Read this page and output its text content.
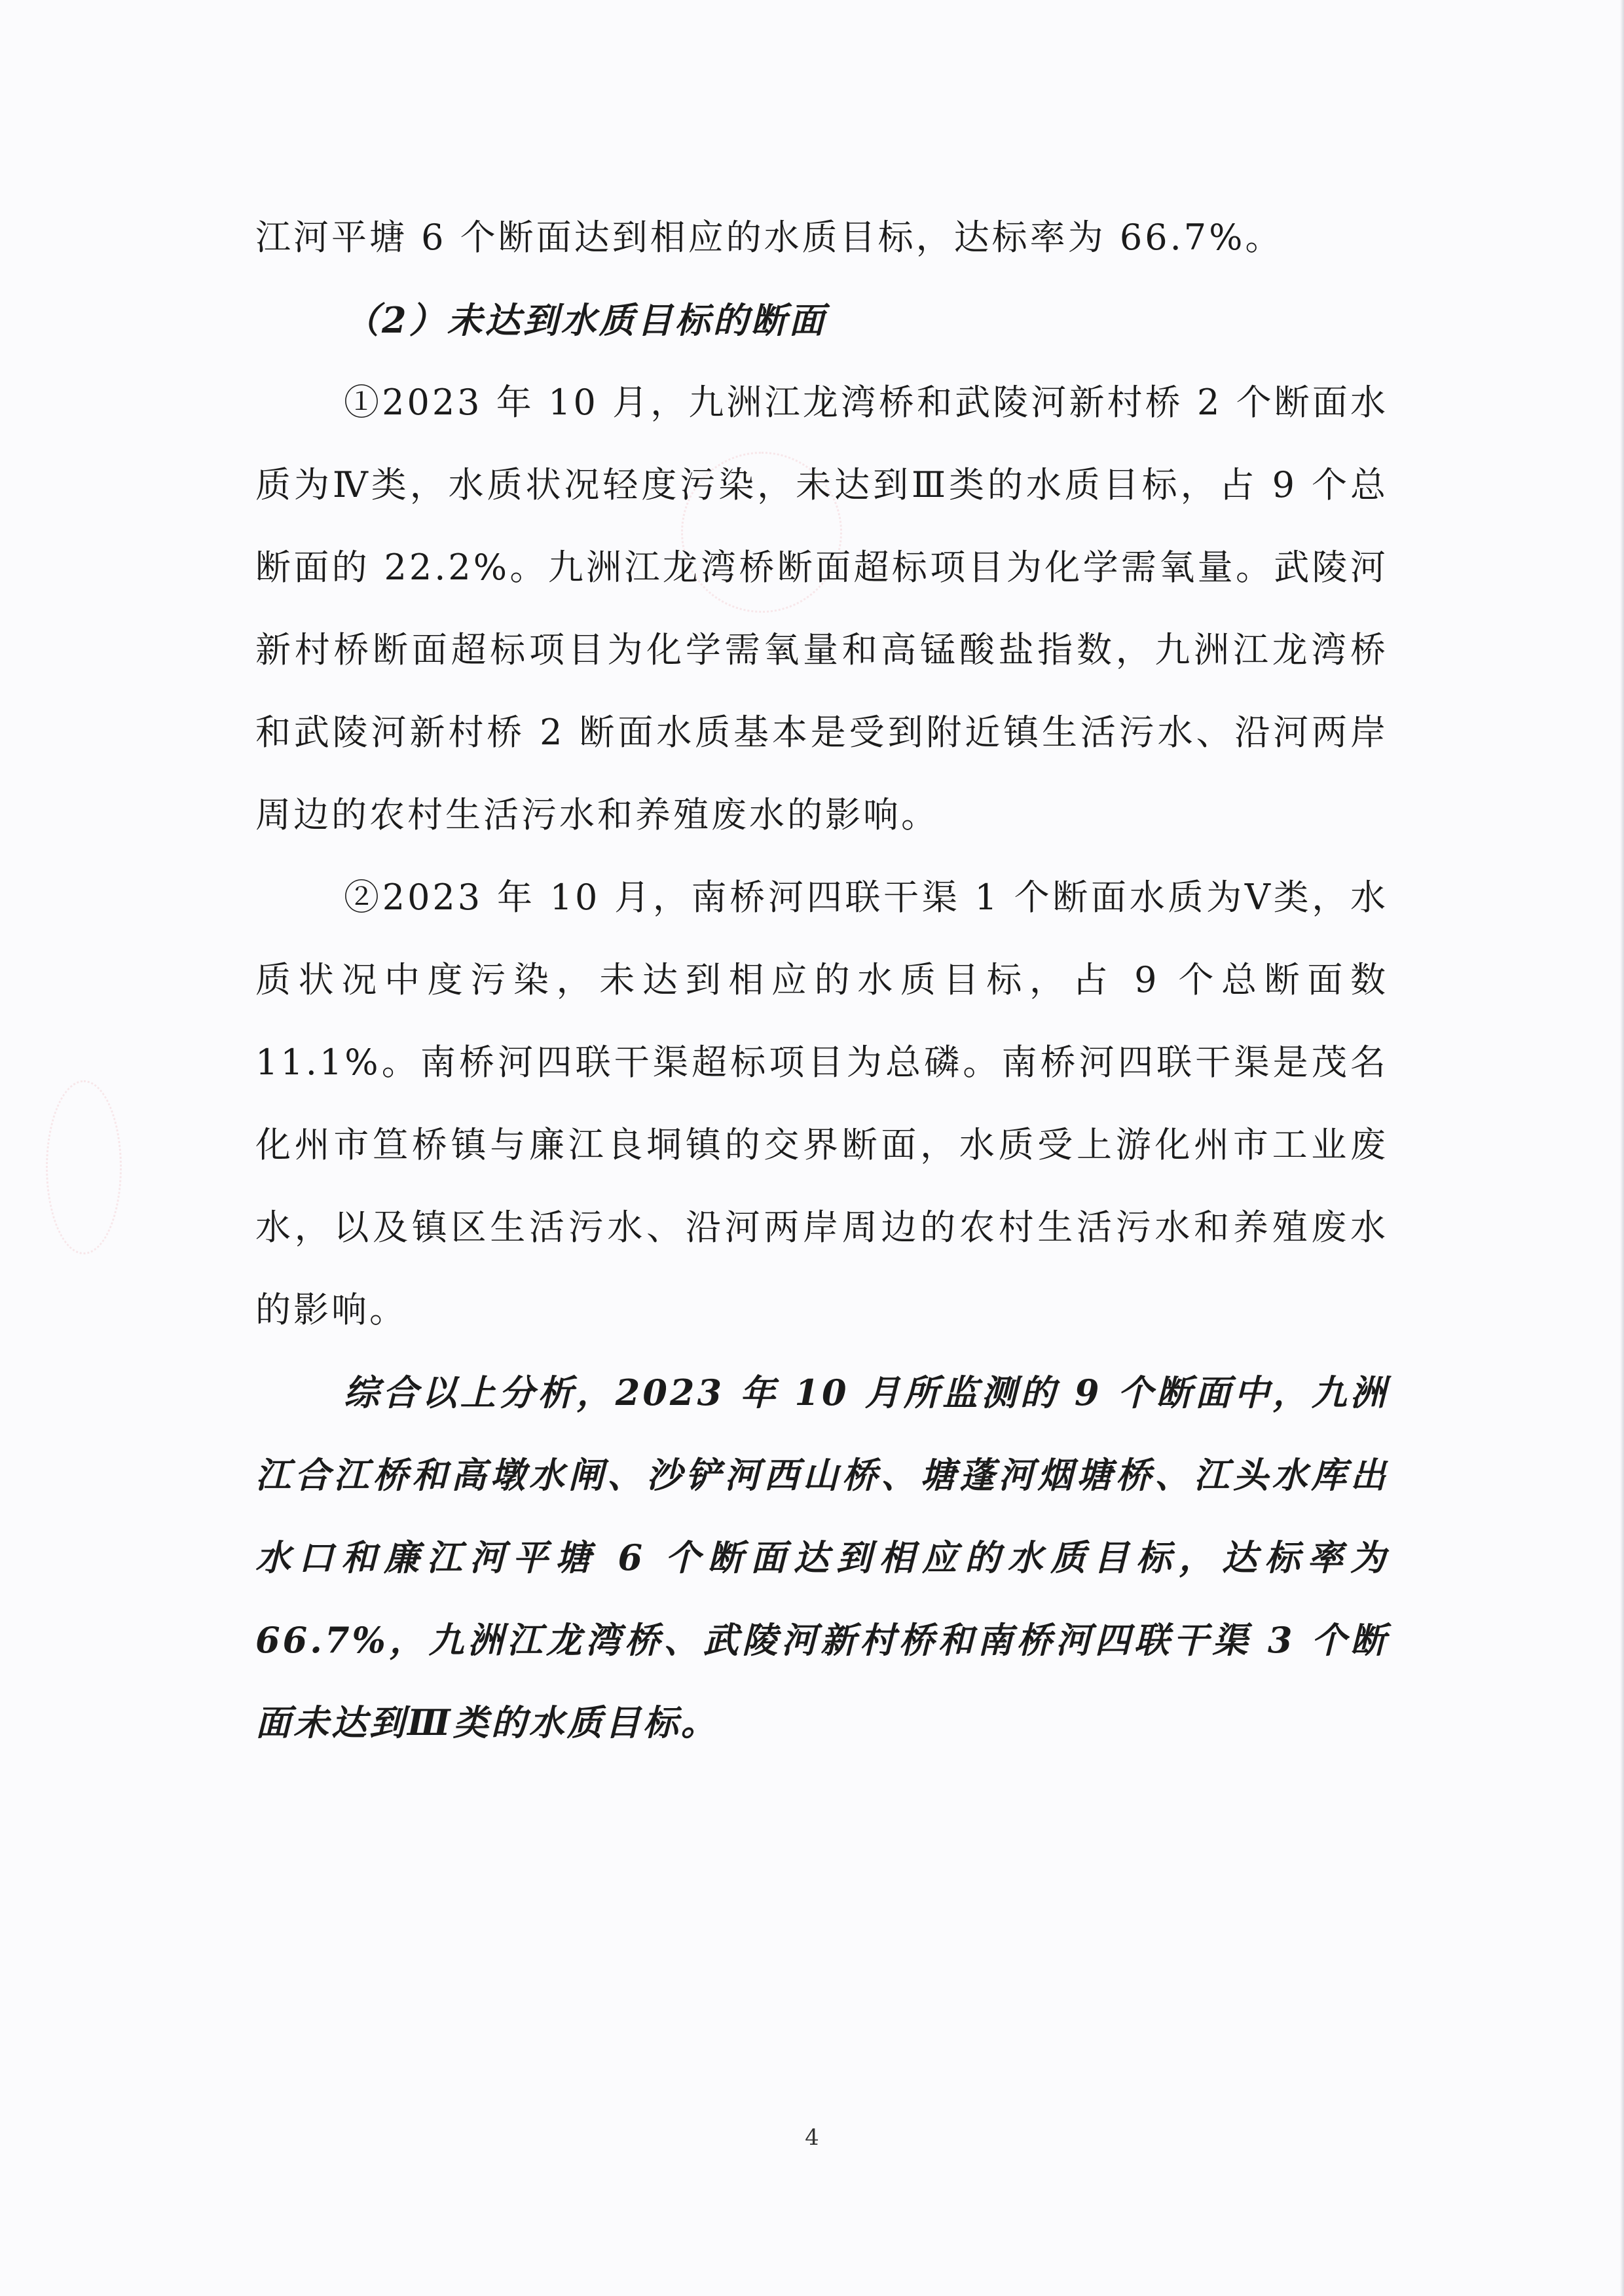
江河平塘 6 个断面达到相应的水质目标，达标率为 66.7%。

（2）未达到水质目标的断面

①2023 年 10 月，九洲江龙湾桥和武陵河新村桥 2 个断面水质为Ⅳ类，水质状况轻度污染，未达到Ⅲ类的水质目标，占 9 个总断面的 22.2%。九洲江龙湾桥断面超标项目为化学需氧量。武陵河新村桥断面超标项目为化学需氧量和高锰酸盐指数，九洲江龙湾桥和武陵河新村桥 2 断面水质基本是受到附近镇生活污水、沿河两岸周边的农村生活污水和养殖废水的影响。

②2023 年 10 月，南桥河四联干渠 1 个断面水质为Ⅴ类，水质状况中度污染，未达到相应的水质目标，占 9 个总断面数 11.1%。南桥河四联干渠超标项目为总磷。南桥河四联干渠是茂名化州市笪桥镇与廉江良垌镇的交界断面，水质受上游化州市工业废水，以及镇区生活污水、沿河两岸周边的农村生活污水和养殖废水的影响。

综合以上分析，2023 年 10 月所监测的 9 个断面中，九洲江合江桥和高墩水闸、沙铲河西山桥、塘蓬河烟塘桥、江头水库出水口和廉江河平塘 6 个断面达到相应的水质目标，达标率为 66.7%，九洲江龙湾桥、武陵河新村桥和南桥河四联干渠 3 个断面未达到Ⅲ类的水质目标。

4
